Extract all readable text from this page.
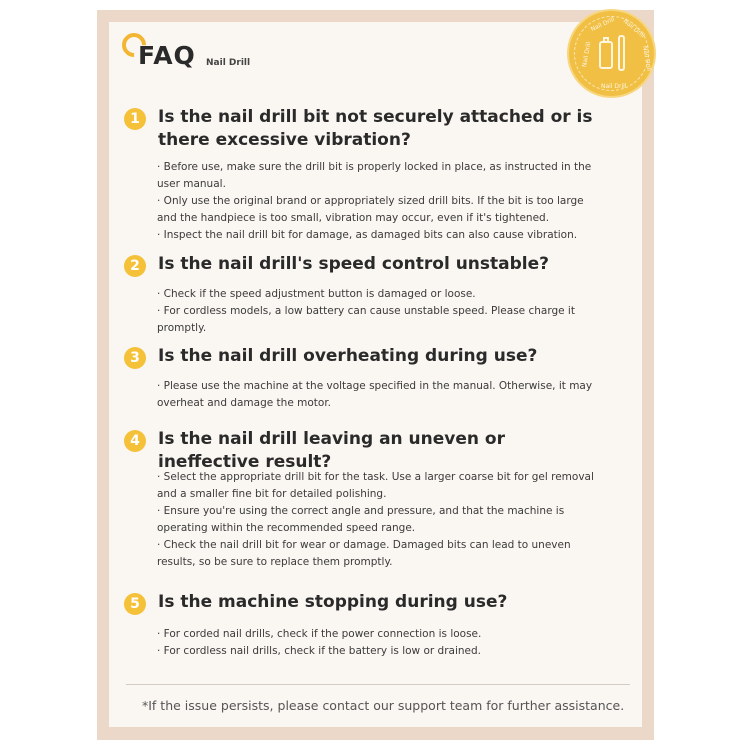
FAQ Nail Drill
Nail Drill Nail Drill
Nail Drill	Nail Drill
Nail Drill
1	Is the nail drill bit not securely attached or is there excessive vibration?
· Before use, make sure the drill bit is properly locked in place, as instructed in the user manual.
· Only use the original brand or appropriately sized drill bits. If the bit is too large and the handpiece is too small, vibration may occur, even if it's tightened.
· Inspect the nail drill bit for damage, as damaged bits can also cause vibration.
2	Is the nail drill's speed control unstable?
· Check if the speed adjustment button is damaged or loose.
· For cordless models, a low battery can cause unstable speed. Please charge it promptly.
3	Is the nail drill overheating during use?
· Please use the machine at the voltage specified in the manual. Otherwise, it may overheat and damage the motor.
4	Is the nail drill leaving an uneven or ineffective result?
· Select the appropriate drill bit for the task. Use a larger coarse bit for gel removal and a smaller fine bit for detailed polishing.
· Ensure you're using the correct angle and pressure, and that the machine is operating within the recommended speed range.
· Check the nail drill bit for wear or damage. Damaged bits can lead to uneven results, so be sure to replace them promptly.
5	Is the machine stopping during use?
· For corded nail drills, check if the power connection is loose.
· For cordless nail drills, check if the battery is low or drained.
*If the issue persists, please contact our support team for further assistance.
